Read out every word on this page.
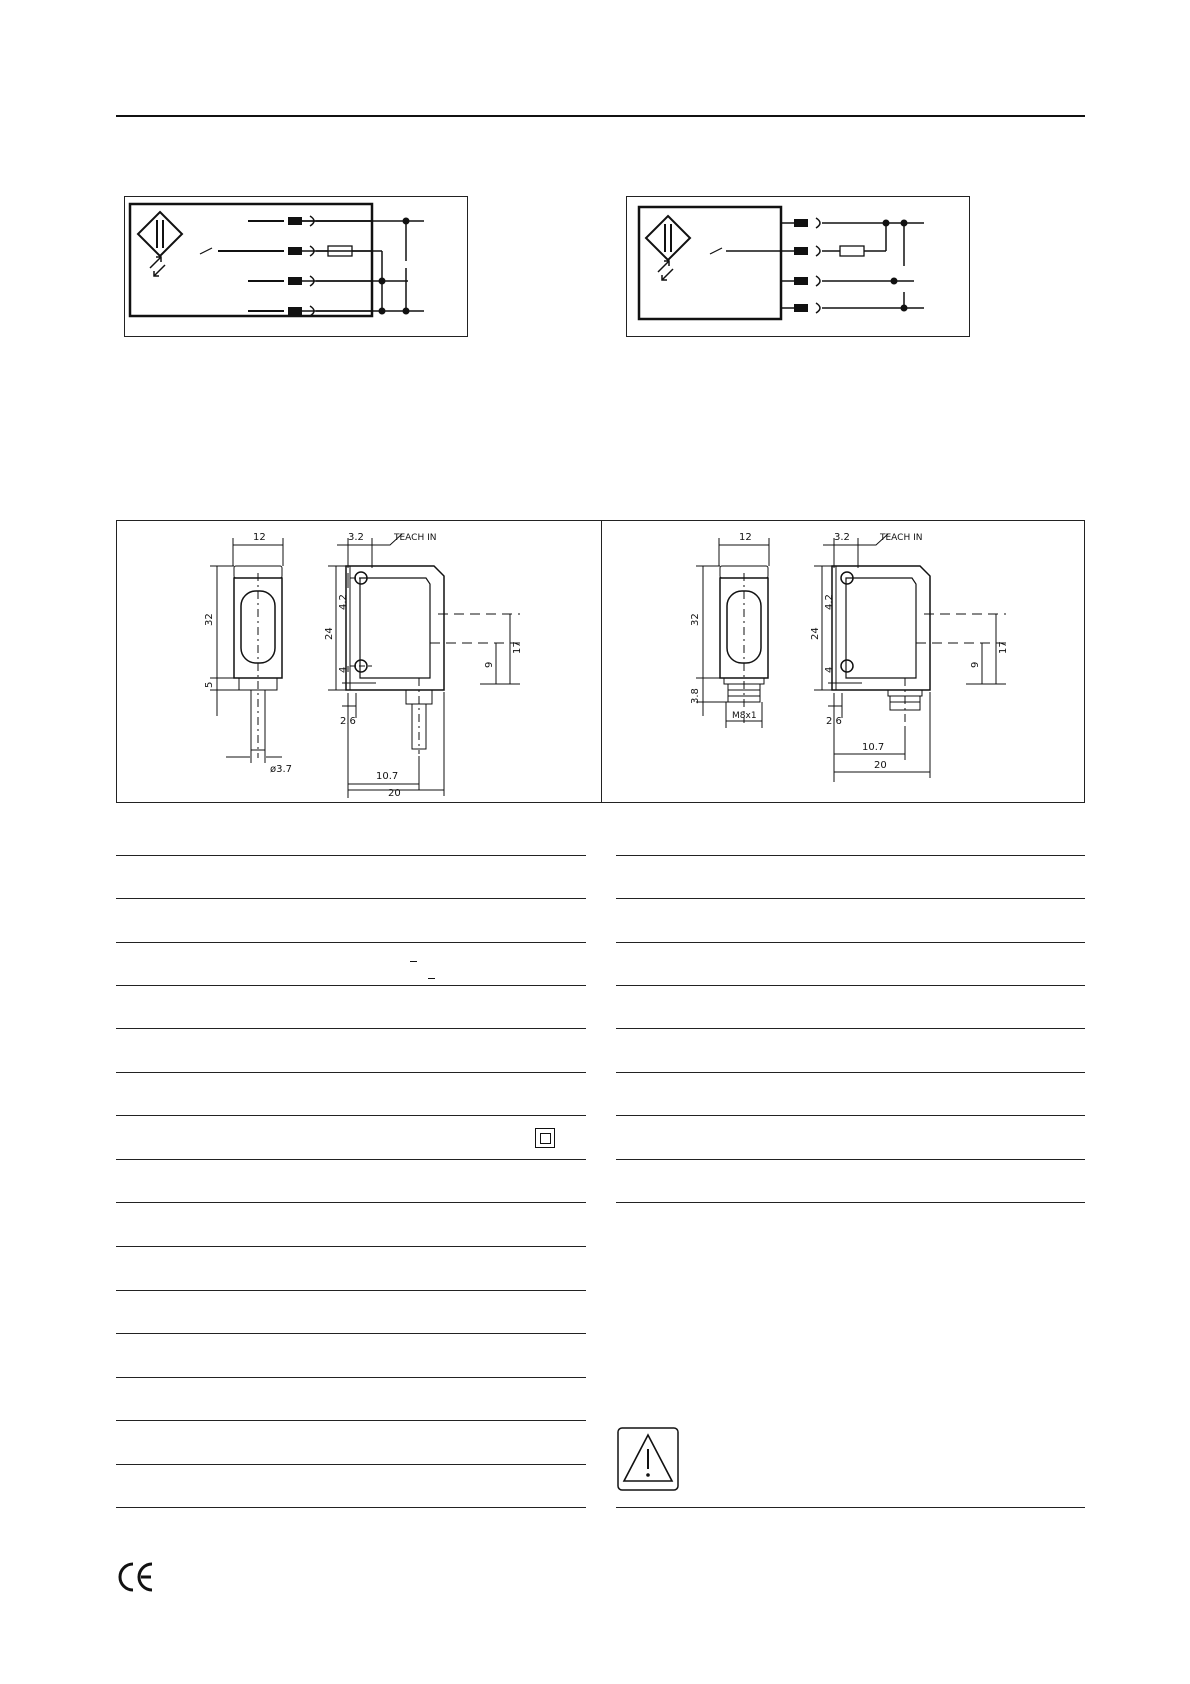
12
32
5
ø3.7
3.2	TEACH IN
24
4.2
4
17
9
2.6
10.7
20
12
32
3.8
M8x1
3.2	TEACH IN
24
4.2
4
17
9
2.6
10.7
20
